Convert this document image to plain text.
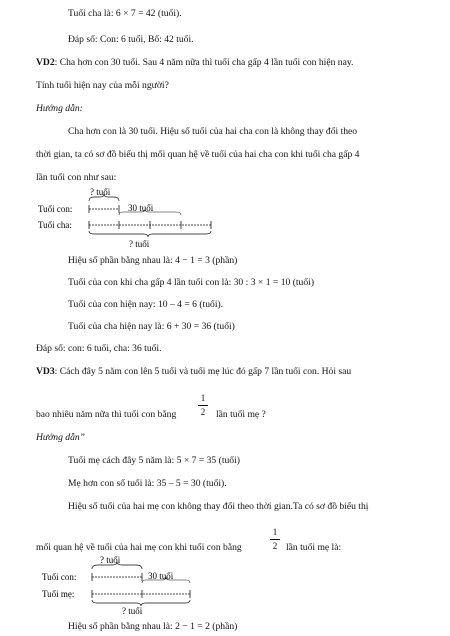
Tuổi cha là: 6 × 7 = 42 (tuổi).
Đáp số: Con: 6 tuổi, Bố: 42 tuổi.
VD2: Cha hơn con 30 tuổi. Sau 4 năm nữa thì tuổi cha gấp 4 lần tuổi con hiện nay.
Tính tuổi hiện nay của mỗi người?
Hướng dẫn:
Cha hơn con là 30 tuổi. Hiệu số tuổi của hai cha con là không thay đổi theo
thời gian, ta có sơ đồ biểu thị mối quan hệ về tuổi của hai cha con khi tuổi cha gấp 4
lần tuổi con như sau:
? tuổi
Tuổi con:	30 tuổi
Tuổi cha:
? tuổi
Hiệu số phần bằng nhau là: 4 − 1 = 3 (phần)
Tuổi của con khi cha gấp 4 lần tuổi con là: 30 : 3 × 1 = 10 (tuổi)
Tuổi của con hiện nay: 10 – 4 = 6 (tuổi).
Tuổi của cha hiện nay là: 6 + 30 = 36 (tuổi)
Đáp số: con: 6 tuổi, cha: 36 tuổi.
VD3: Cách đây 5 năm con lên 5 tuổi và tuổi mẹ lúc đó gấp 7 lần tuổi con. Hỏi sau
bao nhiêu năm nữa thì tuổi con bằng
1
2 lần tuổi mẹ ?
Hướng dẫn”
Tuổi mẹ cách đây 5 năm là: 5 × 7 = 35 (tuổi)
Mẹ hơn con số tuổi là: 35 – 5 = 30 (tuổi).
Hiệu số tuổi của hai mẹ con không thay đổi theo thời gian.Ta có sơ đồ biểu thị
mối quan hệ về tuổi của hai mẹ con khi tuổi con bằng
1
2 lần tuổi mẹ là:
? tuổi
Tuổi con:	30 tuổi
Tuổi mẹ:
? tuổi
Hiệu số phần bằng nhau là: 2 − 1 = 2 (phần)
